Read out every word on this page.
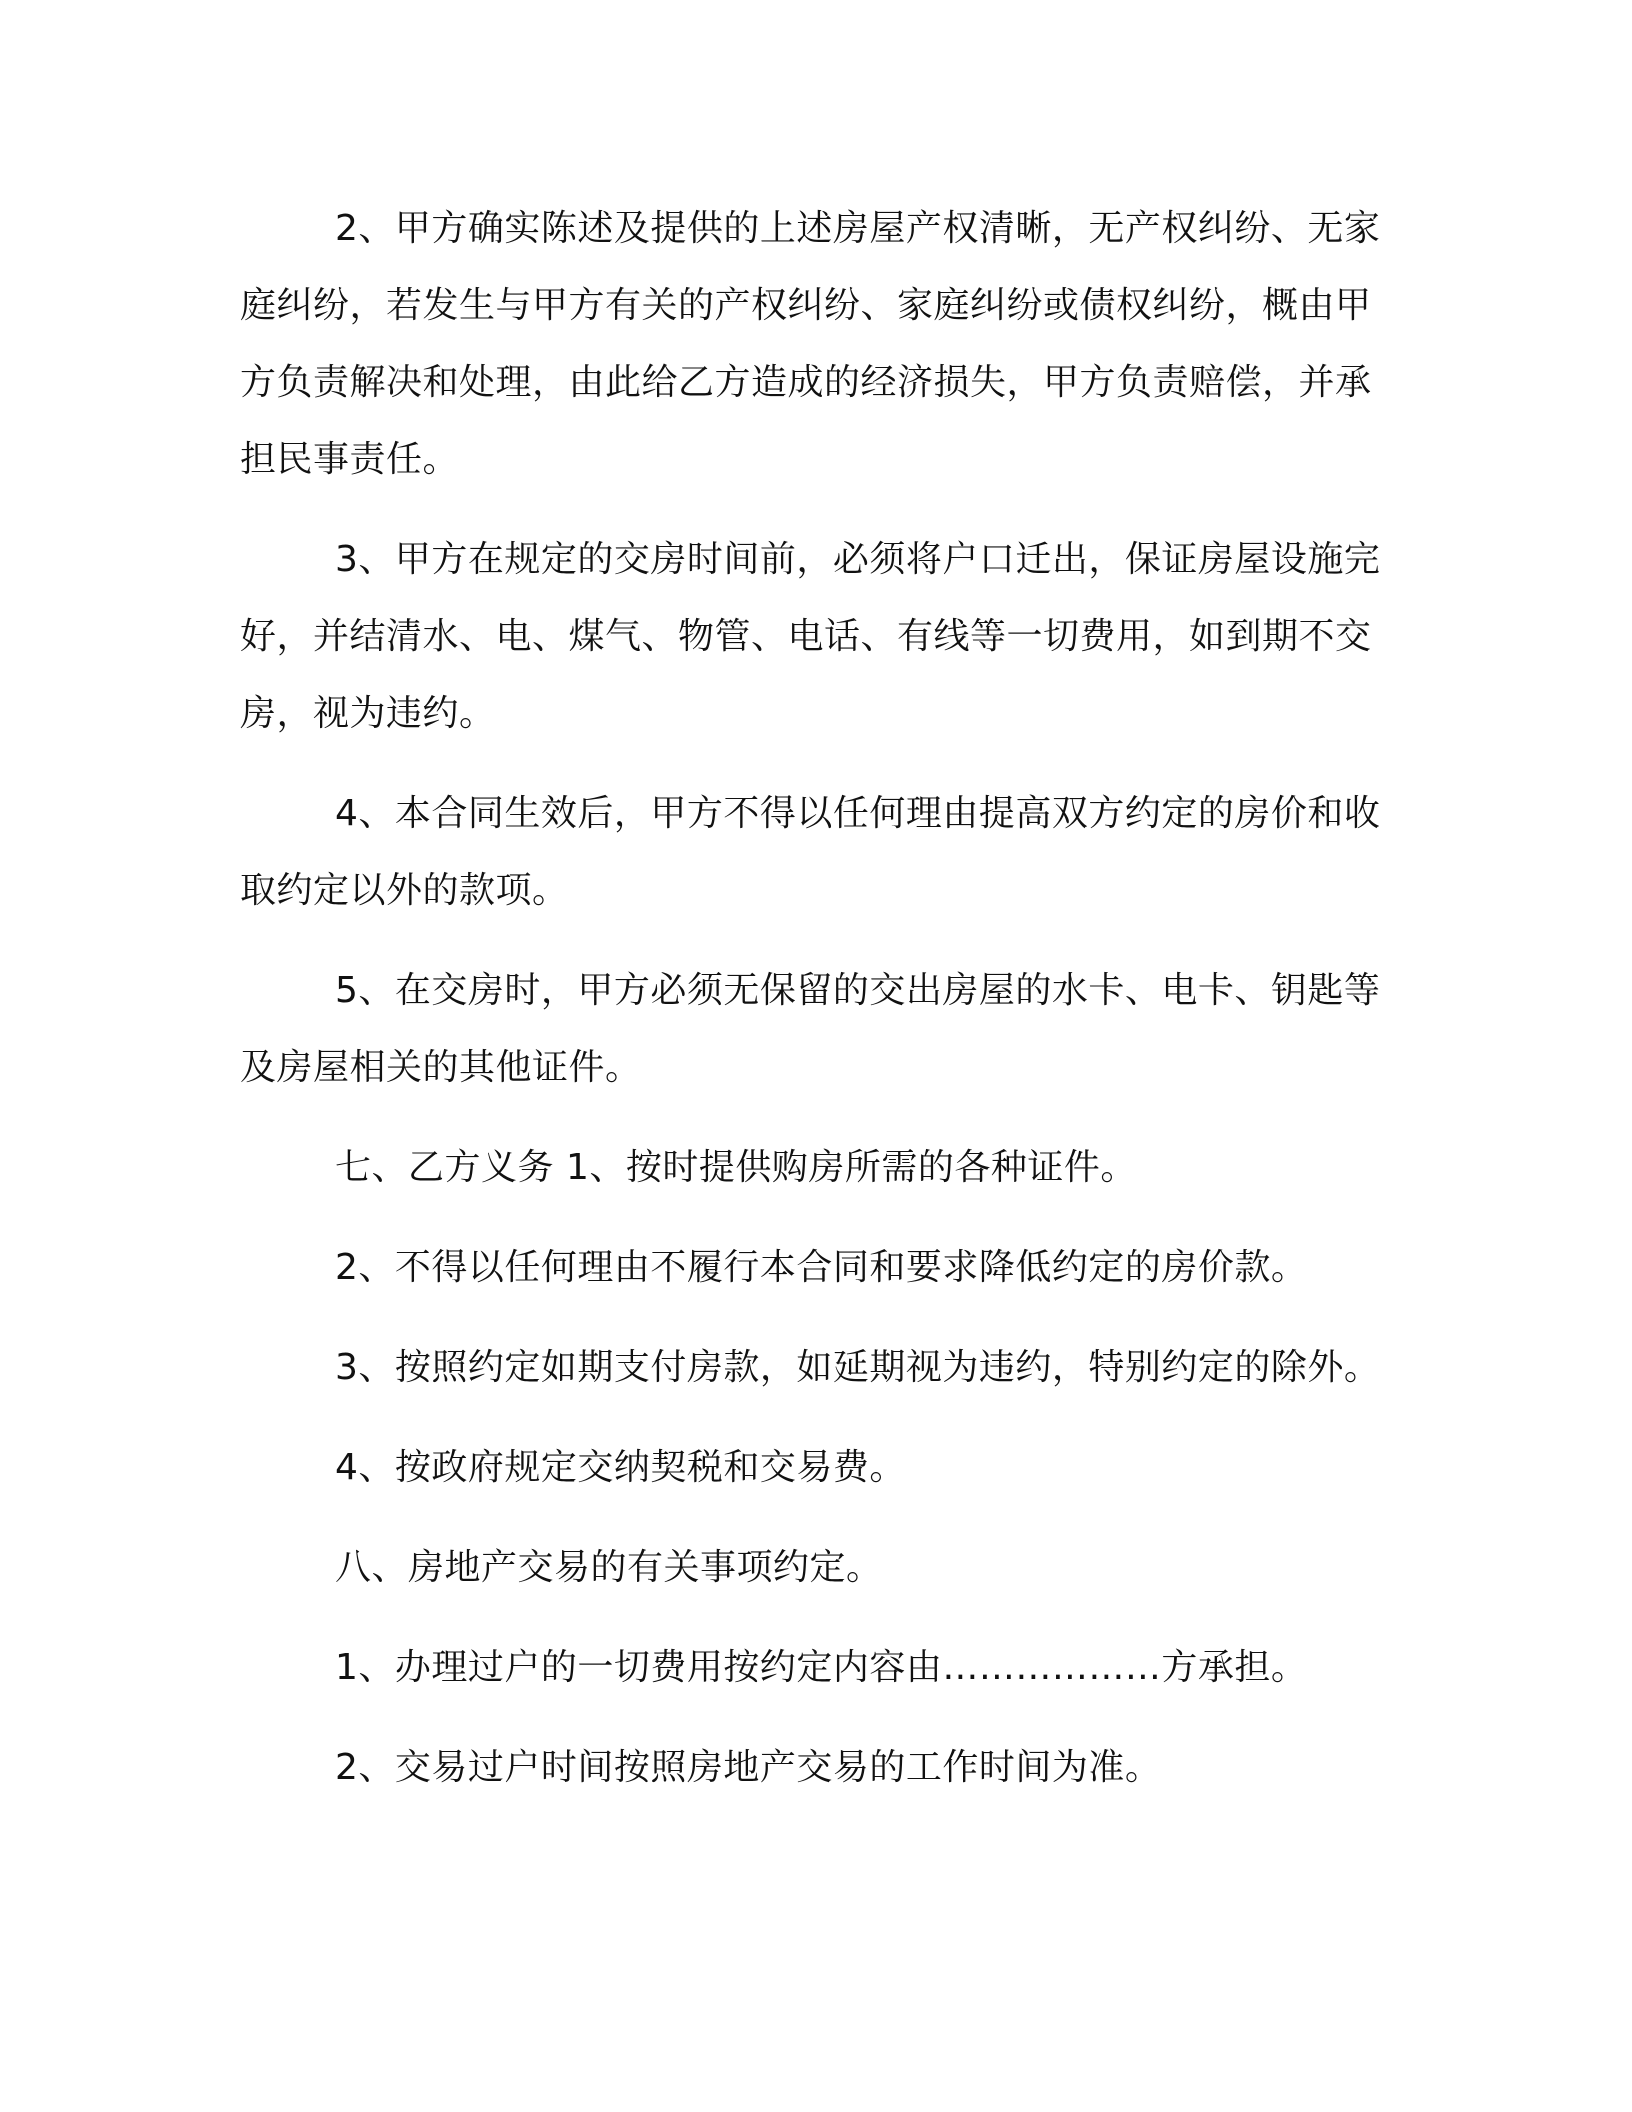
2、甲方确实陈述及提供的上述房屋产权清晰，无产权纠纷、无家庭纠纷，若发生与甲方有关的产权纠纷、家庭纠纷或债权纠纷，概由甲方负责解决和处理，由此给乙方造成的经济损失，甲方负责赔偿，并承担民事责任。

3、甲方在规定的交房时间前，必须将户口迁出，保证房屋设施完好，并结清水、电、煤气、物管、电话、有线等一切费用，如到期不交房，视为违约。

4、本合同生效后，甲方不得以任何理由提高双方约定的房价和收取约定以外的款项。

5、在交房时，甲方必须无保留的交出房屋的水卡、电卡、钥匙等及房屋相关的其他证件。

七、乙方义务 1、按时提供购房所需的各种证件。

2、不得以任何理由不履行本合同和要求降低约定的房价款。

3、按照约定如期支付房款，如延期视为违约，特别约定的除外。

4、按政府规定交纳契税和交易费。

八、房地产交易的有关事项约定。

1、办理过户的一切费用按约定内容由………………方承担。

2、交易过户时间按照房地产交易的工作时间为准。
